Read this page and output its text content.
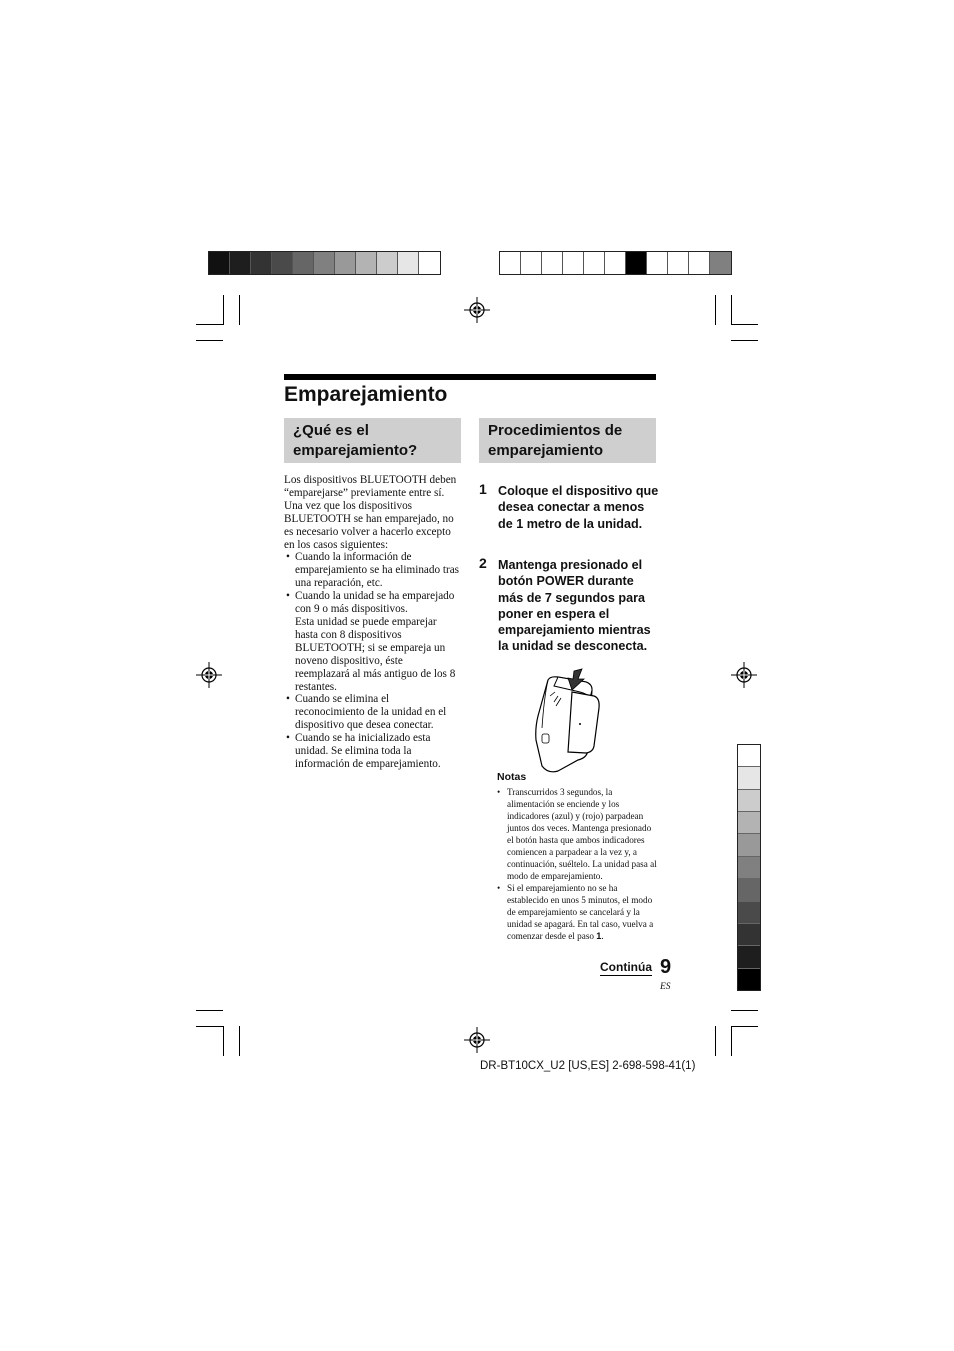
Emparejamiento
¿Qué es el emparejamiento?

Los dispositivos BLUETOOTH deben “emparejarse” previamente entre sí.

Una vez que los dispositivos BLUETOOTH se han emparejado, no es necesario volver a hacerlo excepto en los casos siguientes:

• Cuando la información de emparejamiento se ha eliminado tras una reparación, etc.
• Cuando la unidad se ha emparejado con 9 o más dispositivos.
Esta unidad se puede emparejar hasta con 8 dispositivos BLUETOOTH; si se empareja un noveno dispositivo, éste reemplazará al más antiguo de los 8 restantes.
• Cuando se elimina el reconocimiento de la unidad en el dispositivo que desea conectar.
• Cuando se ha inicializado esta unidad. Se elimina toda la información de emparejamiento.
Procedimientos de emparejamiento
1 Coloque el dispositivo que desea conectar a menos de 1 metro de la unidad.
2 Mantenga presionado el botón POWER durante más de 7 segundos para poner en espera el emparejamiento mientras la unidad se desconecta.
Notas
• Transcurridos 3 segundos, la alimentación se enciende y los indicadores (azul) y (rojo) parpadean juntos dos veces. Mantenga presionado el botón hasta que ambos indicadores comiencen a parpadear a la vez y, a continuación, suéltelo. La unidad pasa al modo de emparejamiento.
• Si el emparejamiento no se ha establecido en unos 5 minutos, el modo de emparejamiento se cancelará y la unidad se apagará. En tal caso, vuelva a comenzar desde el paso 1.
Continúa 9
ES
DR-BT10CX_U2 [US,ES] 2-698-598-41(1)
